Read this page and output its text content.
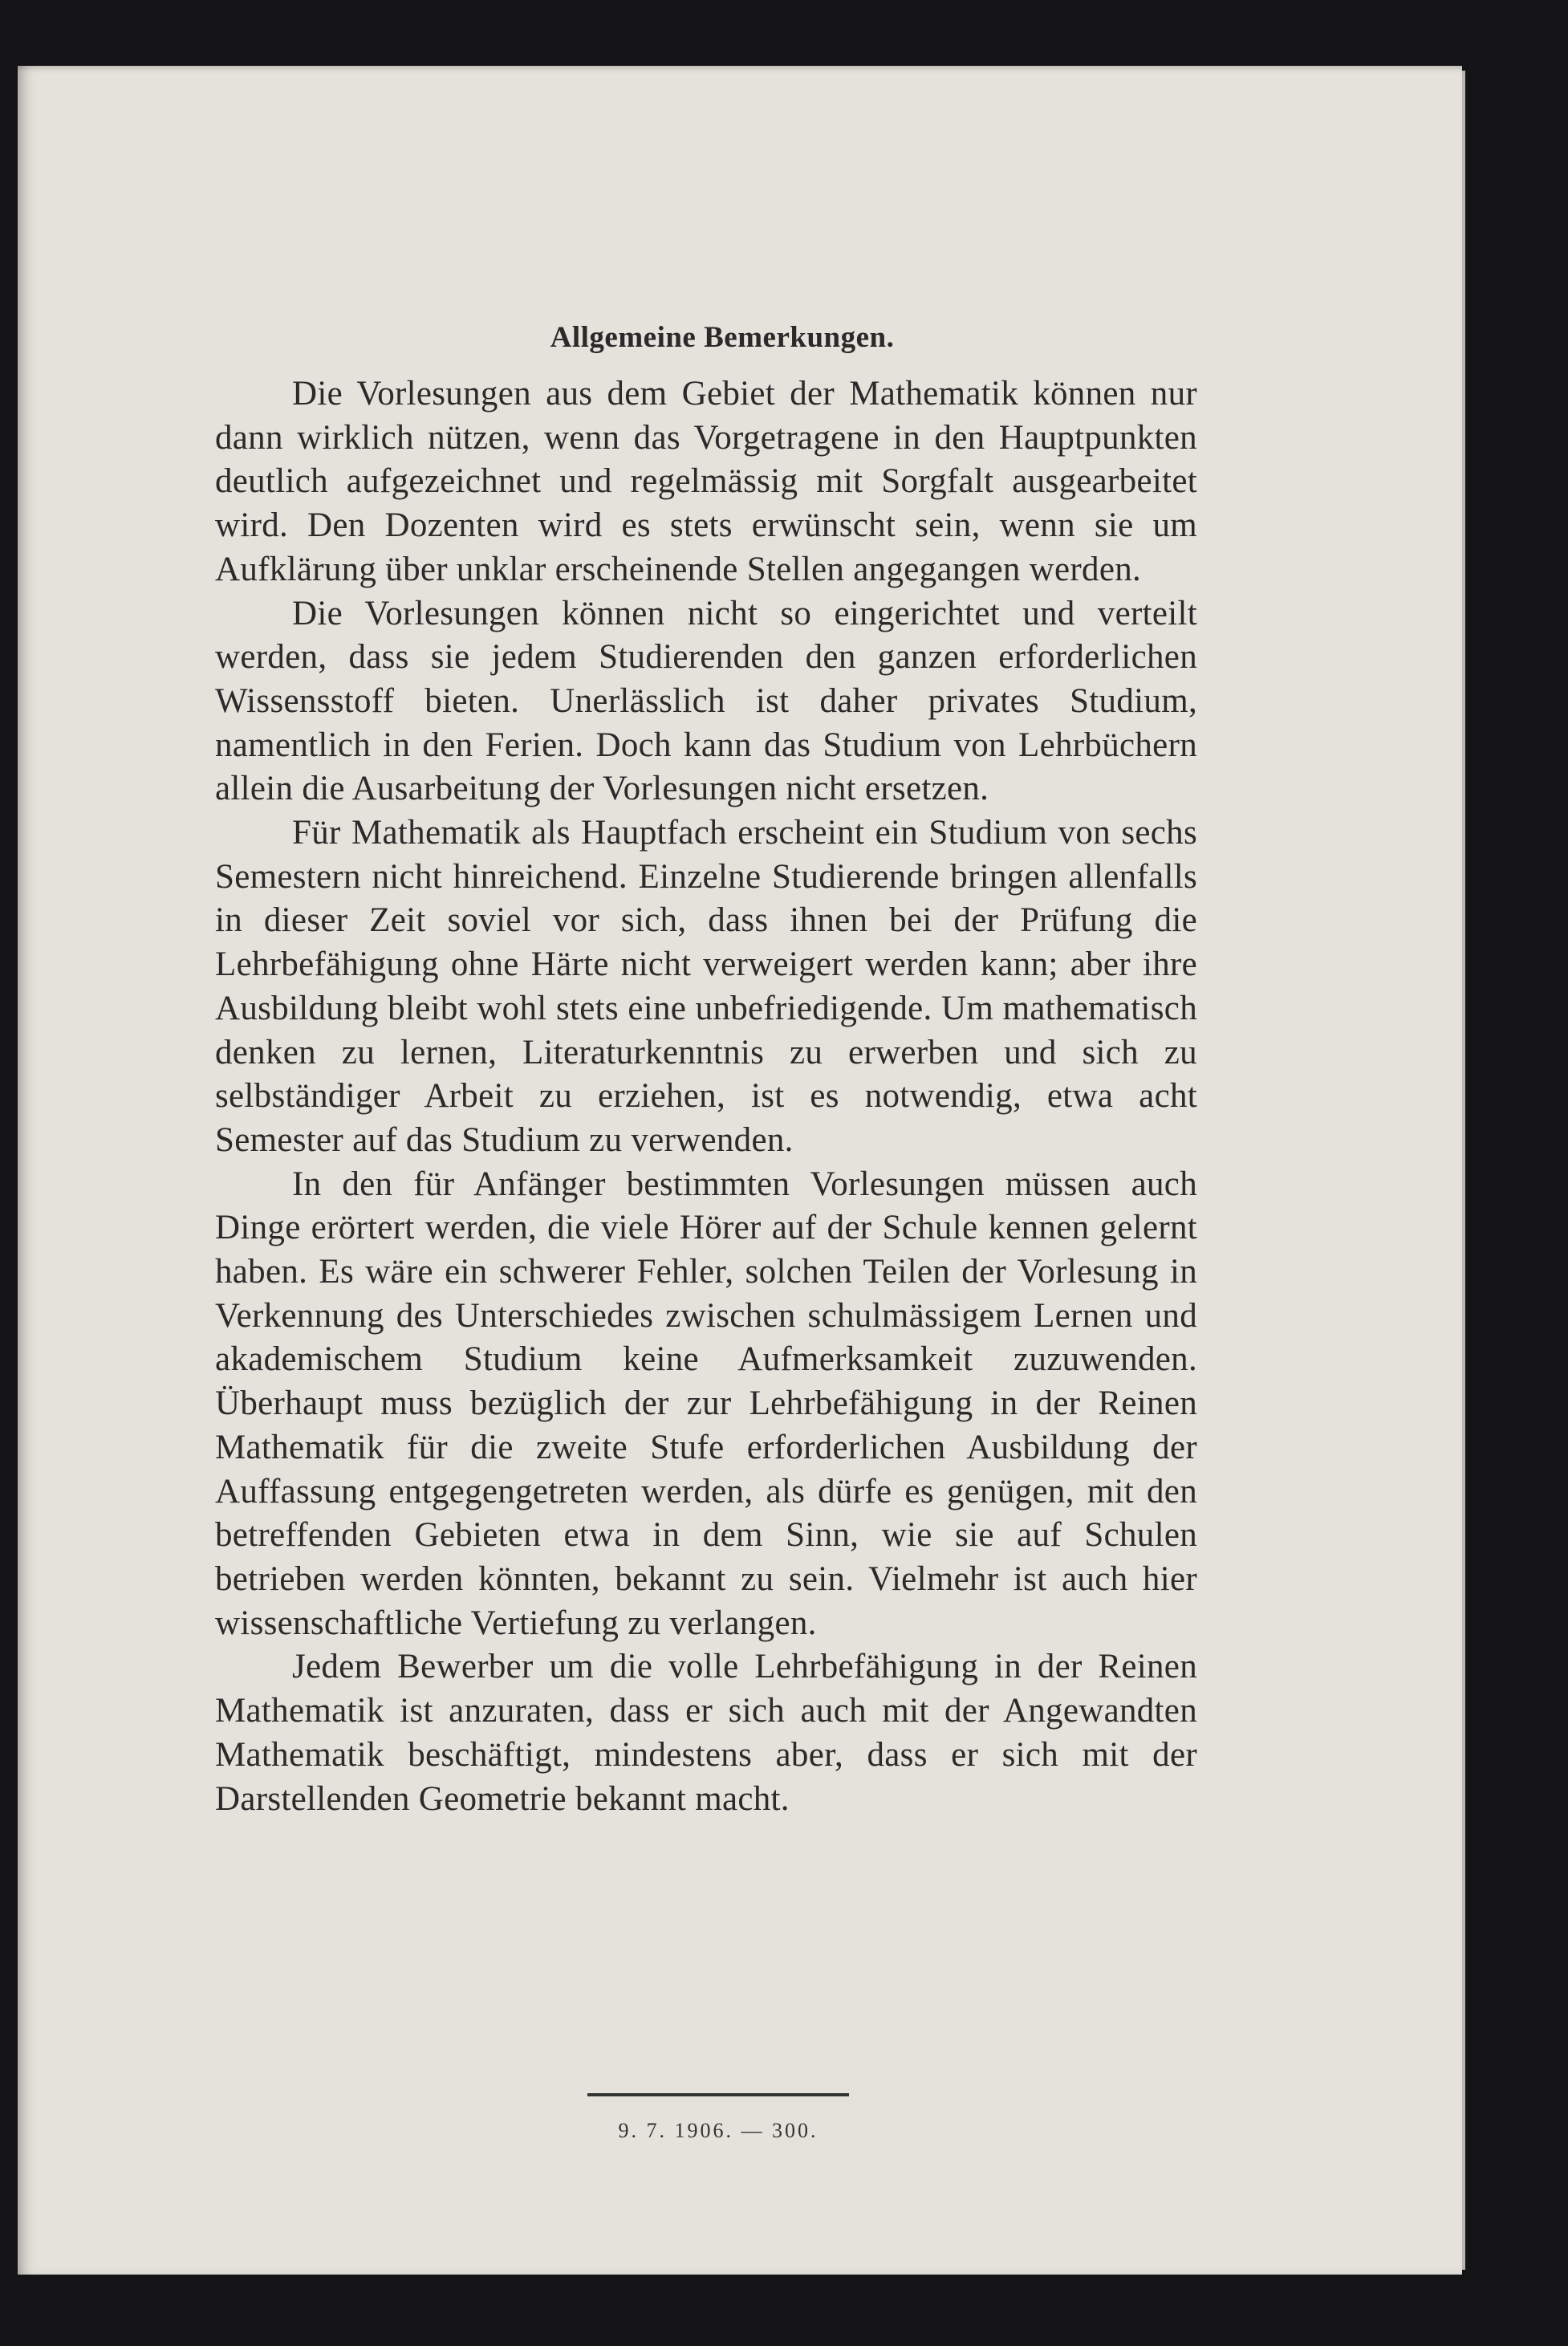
Allgemeine Bemerkungen.

Die Vorlesungen aus dem Gebiet der Mathematik können nur dann wirklich nützen, wenn das Vorgetragene in den Hauptpunkten deutlich aufgezeichnet und regelmässig mit Sorgfalt ausgearbeitet wird. Den Dozenten wird es stets erwünscht sein, wenn sie um Aufklärung über unklar erscheinende Stellen angegangen werden.

Die Vorlesungen können nicht so eingerichtet und verteilt werden, dass sie jedem Studierenden den ganzen erforderlichen Wissensstoff bieten. Unerlässlich ist daher privates Studium, namentlich in den Ferien. Doch kann das Studium von Lehrbüchern allein die Ausarbeitung der Vorlesungen nicht ersetzen.

Für Mathematik als Hauptfach erscheint ein Studium von sechs Semestern nicht hinreichend. Einzelne Studierende bringen allenfalls in dieser Zeit soviel vor sich, dass ihnen bei der Prüfung die Lehrbefähigung ohne Härte nicht verweigert werden kann; aber ihre Ausbildung bleibt wohl stets eine unbefriedigende. Um mathematisch denken zu lernen, Literaturkenntnis zu erwerben und sich zu selbständiger Arbeit zu erziehen, ist es notwendig, etwa acht Semester auf das Studium zu verwenden.

In den für Anfänger bestimmten Vorlesungen müssen auch Dinge erörtert werden, die viele Hörer auf der Schule kennen gelernt haben. Es wäre ein schwerer Fehler, solchen Teilen der Vorlesung in Verkennung des Unterschiedes zwischen schulmässigem Lernen und akademischem Studium keine Aufmerksamkeit zuzuwenden. Überhaupt muss bezüglich der zur Lehrbefähigung in der Reinen Mathematik für die zweite Stufe erforderlichen Ausbildung der Auffassung entgegengetreten werden, als dürfe es genügen, mit den betreffenden Gebieten etwa in dem Sinn, wie sie auf Schulen betrieben werden könnten, bekannt zu sein. Vielmehr ist auch hier wissenschaftliche Vertiefung zu verlangen.

Jedem Bewerber um die volle Lehrbefähigung in der Reinen Mathematik ist anzuraten, dass er sich auch mit der Angewandten Mathematik beschäftigt, mindestens aber, dass er sich mit der Darstellenden Geometrie bekannt macht.

9. 7. 1906. — 300.
